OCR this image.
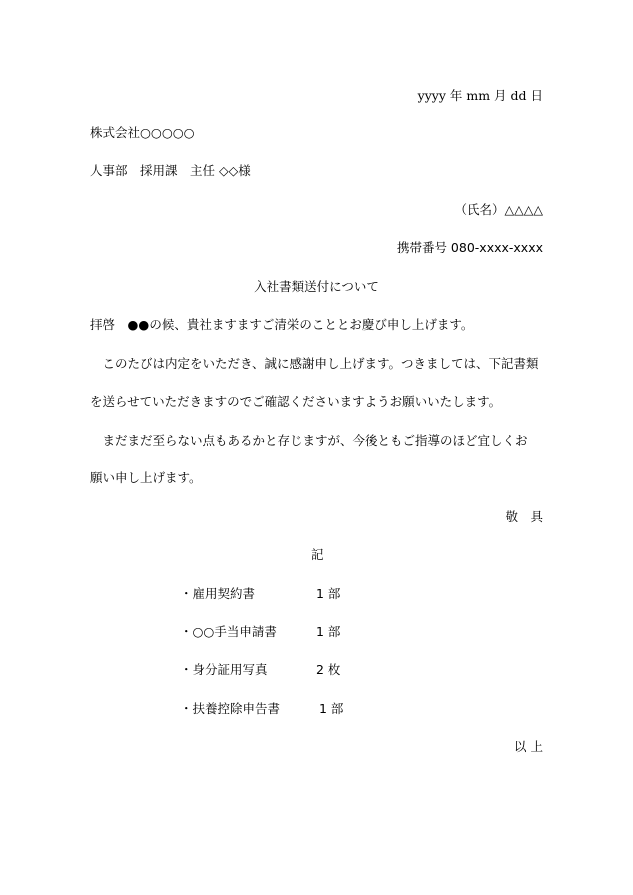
yyyy 年 mm 月 dd 日
株式会社○○○○○
人事部　採用課　主任 ◇◇様
（氏名）△△△△
携帯番号 080-xxxx-xxxx
入社書類送付について
拝啓　●●の候、貴社ますますご清栄のこととお慶び申し上げます。
　このたびは内定をいただき、誠に感謝申し上げます。つきましては、下記書類
を送らせていただきますのでご確認くださいますようお願いいたします。
　まだまだ至らない点もあるかと存じますが、今後ともご指導のほど宜しくお
願い申し上げます。
敬　具
記
・雇用契約書	1 部
・○○手当申請書	1 部
・身分証用写真	2 枚
・扶養控除申告書	1 部
以 上
